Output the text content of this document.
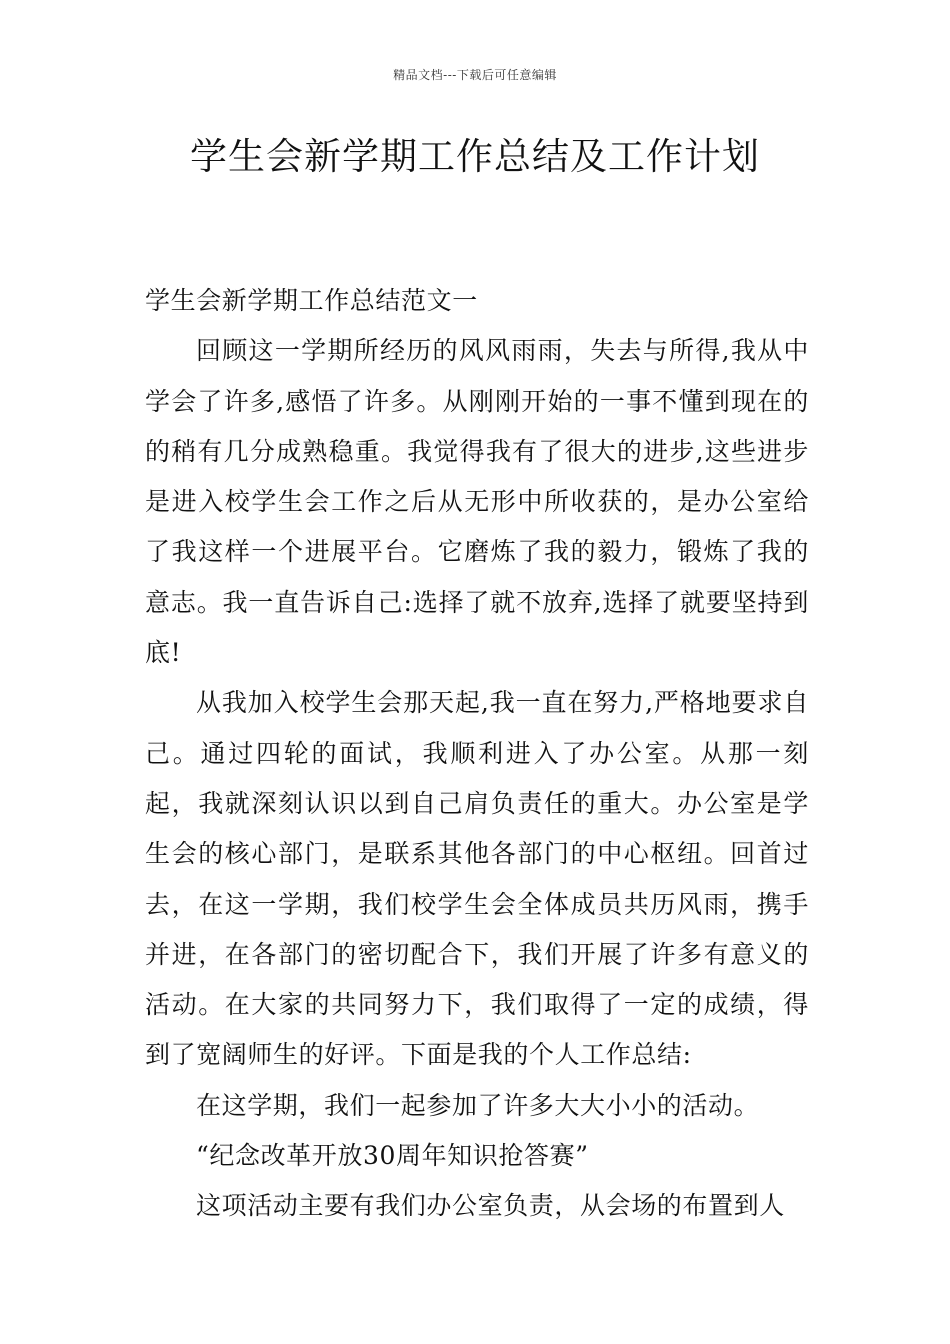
精品文档---下载后可任意编辑
学生会新学期工作总结及工作计划

学生会新学期工作总结范文一

回顾这一学期所经历的风风雨雨，失去与所得,我从中学会了许多,感悟了许多。从刚刚开始的一事不懂到现在的的稍有几分成熟稳重。我觉得我有了很大的进步,这些进步是进入校学生会工作之后从无形中所收获的，是办公室给了我这样一个进展平台。它磨炼了我的毅力，锻炼了我的意志。我一直告诉自己:选择了就不放弃,选择了就要坚持到底!

从我加入校学生会那天起,我一直在努力,严格地要求自己。通过四轮的面试，我顺利进入了办公室。从那一刻起，我就深刻认识以到自己肩负责任的重大。办公室是学生会的核心部门，是联系其他各部门的中心枢纽。回首过去，在这一学期，我们校学生会全体成员共历风雨，携手并进，在各部门的密切配合下，我们开展了许多有意义的活动。在大家的共同努力下，我们取得了一定的成绩，得到了宽阔师生的好评。下面是我的个人工作总结:

在这学期，我们一起参加了许多大大小小的活动。

“纪念改革开放30周年知识抢答赛”

这项活动主要有我们办公室负责，从会场的布置到人
